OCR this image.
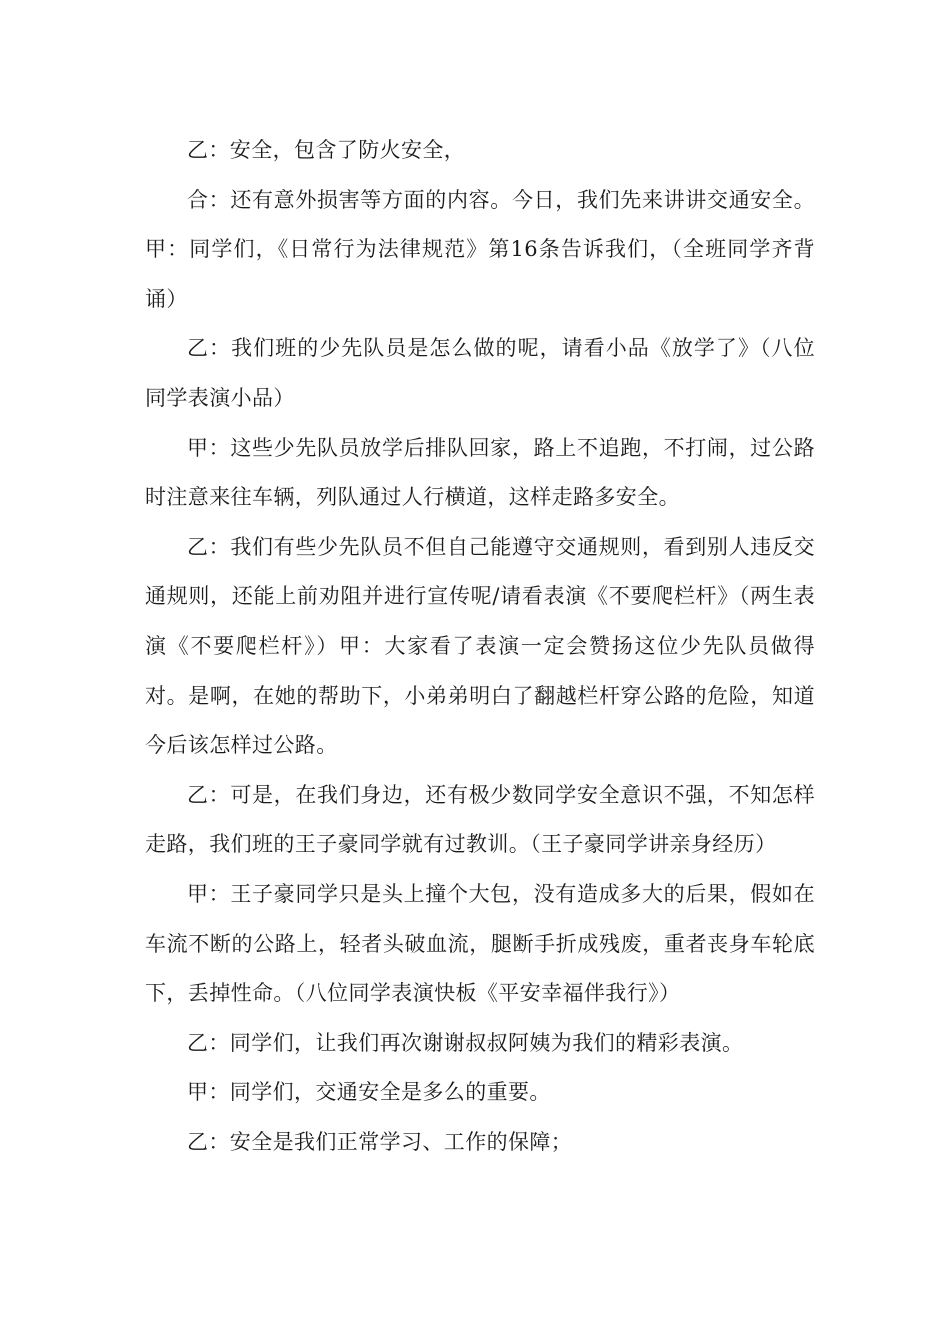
乙：安全，包含了防火安全，

合：还有意外损害等方面的内容。今日，我们先来讲讲交通安全。甲：同学们，《日常行为法律规范》第16条告诉我们，（全班同学齐背诵）

乙：我们班的少先队员是怎么做的呢，请看小品《放学了》（八位同学表演小品）

甲：这些少先队员放学后排队回家，路上不追跑，不打闹，过公路时注意来往车辆，列队通过人行横道，这样走路多安全。

乙：我们有些少先队员不但自己能遵守交通规则，看到别人违反交通规则，还能上前劝阻并进行宣传呢/请看表演《不要爬栏杆》（两生表演《不要爬栏杆》）甲：大家看了表演一定会赞扬这位少先队员做得对。是啊，在她的帮助下，小弟弟明白了翻越栏杆穿公路的危险，知道今后该怎样过公路。

乙：可是，在我们身边，还有极少数同学安全意识不强，不知怎样走路，我们班的王子豪同学就有过教训。（王子豪同学讲亲身经历）

甲：王子豪同学只是头上撞个大包，没有造成多大的后果，假如在车流不断的公路上，轻者头破血流，腿断手折成残废，重者丧身车轮底下，丢掉性命。（八位同学表演快板《平安幸福伴我行》）

乙：同学们，让我们再次谢谢叔叔阿姨为我们的精彩表演。

甲：同学们，交通安全是多么的重要。

乙：安全是我们正常学习、工作的保障；
